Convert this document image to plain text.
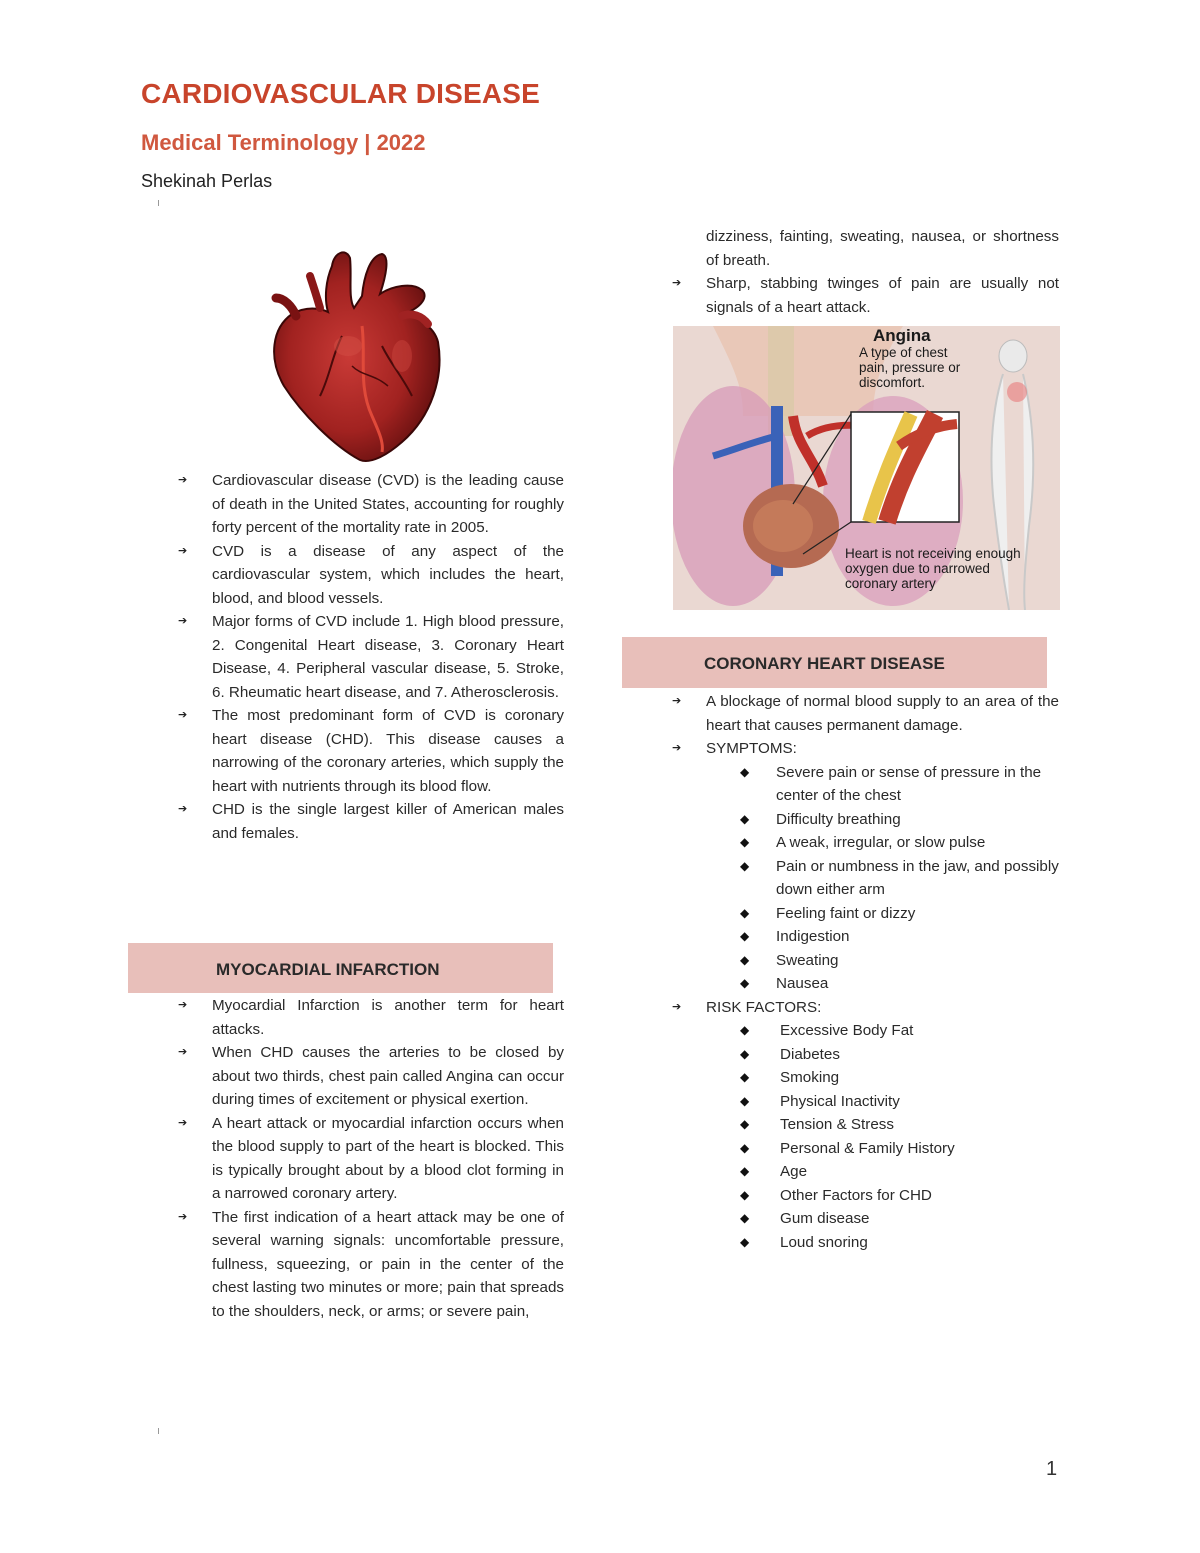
CARDIOVASCULAR DISEASE
Medical Terminology | 2022
Shekinah Perlas
➔ Cardiovascular disease (CVD) is the leading cause of death in the United States, accounting for roughly forty percent of the mortality rate in 2005.
➔ CVD is a disease of any aspect of the cardiovascular system, which includes the heart, blood, and blood vessels.
➔ Major forms of CVD include 1. High blood pressure, 2. Congenital Heart disease, 3. Coronary Heart Disease, 4. Peripheral vascular disease, 5. Stroke, 6. Rheumatic heart disease, and 7. Atherosclerosis.
➔ The most predominant form of CVD is coronary heart disease (CHD). This disease causes a narrowing of the coronary arteries, which supply the heart with nutrients through its blood flow.
➔ CHD is the single largest killer of American males and females.
MYOCARDIAL INFARCTION
➔ Myocardial Infarction is another term for heart attacks.
➔ When CHD causes the arteries to be closed by about two thirds, chest pain called Angina can occur during times of excitement or physical exertion.
➔ A heart attack or myocardial infarction occurs when the blood supply to part of the heart is blocked. This is typically brought about by a blood clot forming in a narrowed coronary artery.
➔ The first indication of a heart attack may be one of several warning signals: uncomfortable pressure, fullness, squeezing, or pain in the center of the chest lasting two minutes or more; pain that spreads to the shoulders, neck, or arms; or severe pain,
dizziness, fainting, sweating, nausea, or shortness of breath.
➔ Sharp, stabbing twinges of pain are usually not signals of a heart attack.
Angina
A type of chest pain, pressure or discomfort.
Heart is not receiving enough oxygen due to narrowed coronary artery
CORONARY HEART DISEASE
➔ A blockage of normal blood supply to an area of the heart that causes permanent damage.
➔ SYMPTOMS:
◆ Severe pain or sense of pressure in the center of the chest
◆ Difficulty breathing
◆ A weak, irregular, or slow pulse
◆ Pain or numbness in the jaw, and possibly down either arm
◆ Feeling faint or dizzy
◆ Indigestion
◆ Sweating
◆ Nausea
➔ RISK FACTORS:
◆ Excessive Body Fat
◆ Diabetes
◆ Smoking
◆ Physical Inactivity
◆ Tension & Stress
◆ Personal & Family History
◆ Age
◆ Other Factors for CHD
◆ Gum disease
◆ Loud snoring
1
